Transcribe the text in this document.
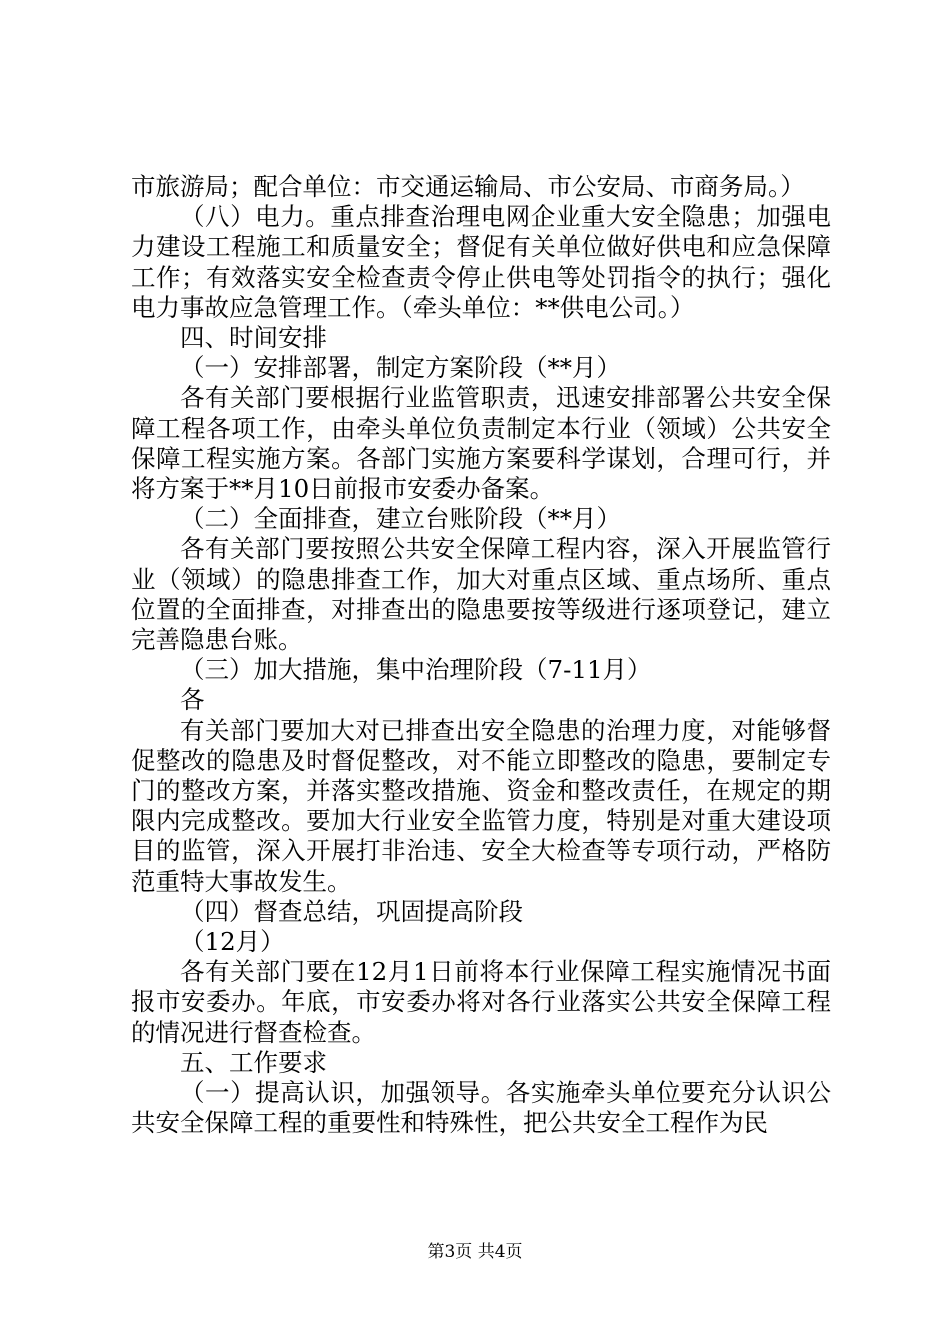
市旅游局；配合单位：市交通运输局、市公安局、市商务局。）

（八）电力。重点排查治理电网企业重大安全隐患；加强电力建设工程施工和质量安全；督促有关单位做好供电和应急保障工作；有效落实安全检查责令停止供电等处罚指令的执行；强化电力事故应急管理工作。（牵头单位：**供电公司。）

四、时间安排

（一）安排部署，制定方案阶段（**月）

各有关部门要根据行业监管职责，迅速安排部署公共安全保障工程各项工作，由牵头单位负责制定本行业（领域）公共安全保障工程实施方案。各部门实施方案要科学谋划，合理可行，并将方案于**月10日前报市安委办备案。

（二）全面排查，建立台账阶段（**月）

各有关部门要按照公共安全保障工程内容，深入开展监管行业（领域）的隐患排查工作，加大对重点区域、重点场所、重点位置的全面排查，对排查出的隐患要按等级进行逐项登记，建立完善隐患台账。

（三）加大措施，集中治理阶段（7-11月）

各

有关部门要加大对已排查出安全隐患的治理力度，对能够督促整改的隐患及时督促整改，对不能立即整改的隐患，要制定专门的整改方案，并落实整改措施、资金和整改责任，在规定的期限内完成整改。要加大行业安全监管力度，特别是对重大建设项目的监管，深入开展打非治违、安全大检查等专项行动，严格防范重特大事故发生。

（四）督查总结，巩固提高阶段

（12月）

各有关部门要在12月1日前将本行业保障工程实施情况书面报市安委办。年底，市安委办将对各行业落实公共安全保障工程的情况进行督查检查。

五、工作要求

（一）提高认识，加强领导。各实施牵头单位要充分认识公共安全保障工程的重要性和特殊性，把公共安全工程作为民

第3页 共4页
